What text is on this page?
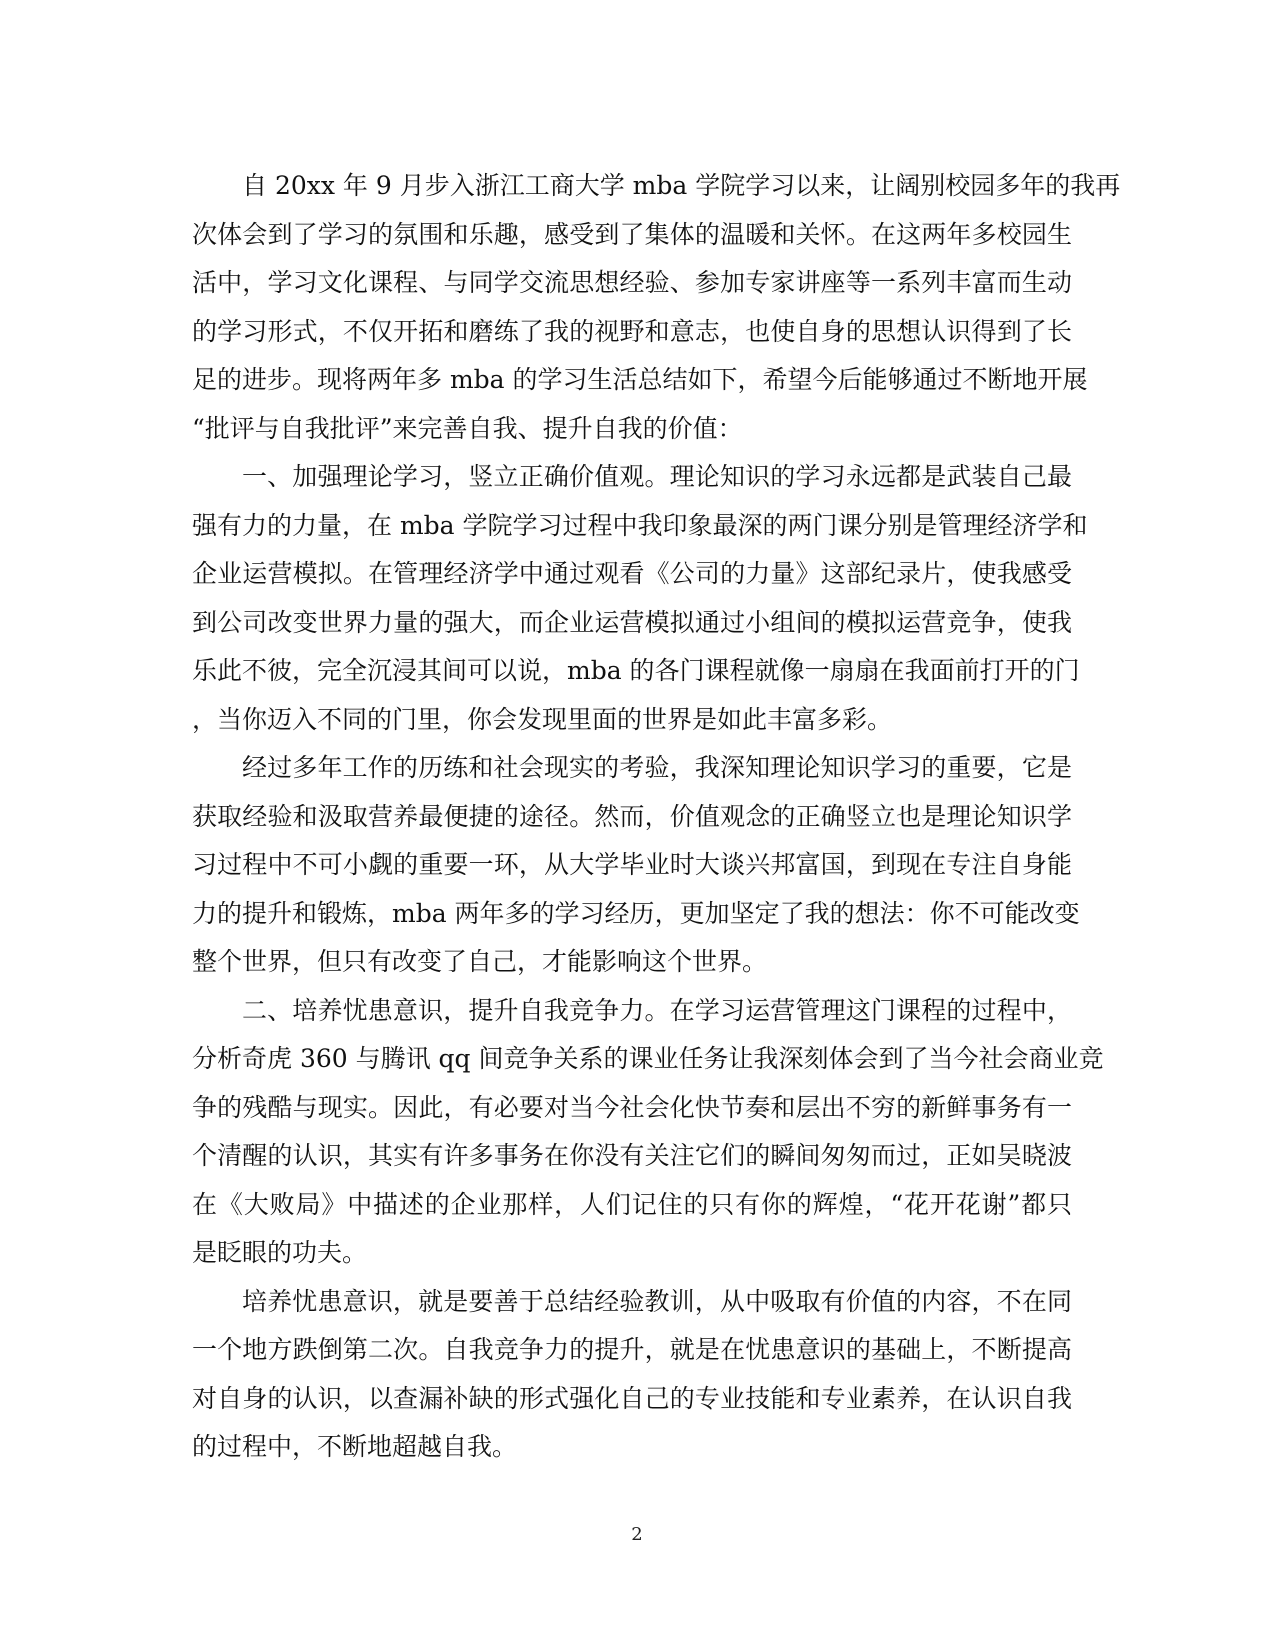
自 20xx 年 9 月步入浙江工商大学 mba 学院学习以来，让阔别校园多年的我再
次体会到了学习的氛围和乐趣，感受到了集体的温暖和关怀。在这两年多校园生
活中，学习文化课程、与同学交流思想经验、参加专家讲座等一系列丰富而生动
的学习形式，不仅开拓和磨练了我的视野和意志，也使自身的思想认识得到了长
足的进步。现将两年多 mba 的学习生活总结如下，希望今后能够通过不断地开展
“批评与自我批评”来完善自我、提升自我的价值：
一、加强理论学习，竖立正确价值观。理论知识的学习永远都是武装自己最
强有力的力量，在 mba 学院学习过程中我印象最深的两门课分别是管理经济学和
企业运营模拟。在管理经济学中通过观看《公司的力量》这部纪录片，使我感受
到公司改变世界力量的强大，而企业运营模拟通过小组间的模拟运营竞争，使我
乐此不彼，完全沉浸其间可以说，mba 的各门课程就像一扇扇在我面前打开的门
，当你迈入不同的门里，你会发现里面的世界是如此丰富多彩。
经过多年工作的历练和社会现实的考验，我深知理论知识学习的重要，它是
获取经验和汲取营养最便捷的途径。然而，价值观念的正确竖立也是理论知识学
习过程中不可小觑的重要一环，从大学毕业时大谈兴邦富国，到现在专注自身能
力的提升和锻炼，mba 两年多的学习经历，更加坚定了我的想法：你不可能改变
整个世界，但只有改变了自己，才能影响这个世界。
二、培养忧患意识，提升自我竞争力。在学习运营管理这门课程的过程中，
分析奇虎 360 与腾讯 qq 间竞争关系的课业任务让我深刻体会到了当今社会商业竞
争的残酷与现实。因此，有必要对当今社会化快节奏和层出不穷的新鲜事务有一
个清醒的认识，其实有许多事务在你没有关注它们的瞬间匆匆而过，正如吴晓波
在《大败局》中描述的企业那样，人们记住的只有你的辉煌，“花开花谢”都只
是眨眼的功夫。
培养忧患意识，就是要善于总结经验教训，从中吸取有价值的内容，不在同
一个地方跌倒第二次。自我竞争力的提升，就是在忧患意识的基础上，不断提高
对自身的认识，以查漏补缺的形式强化自己的专业技能和专业素养，在认识自我
的过程中，不断地超越自我。
2
